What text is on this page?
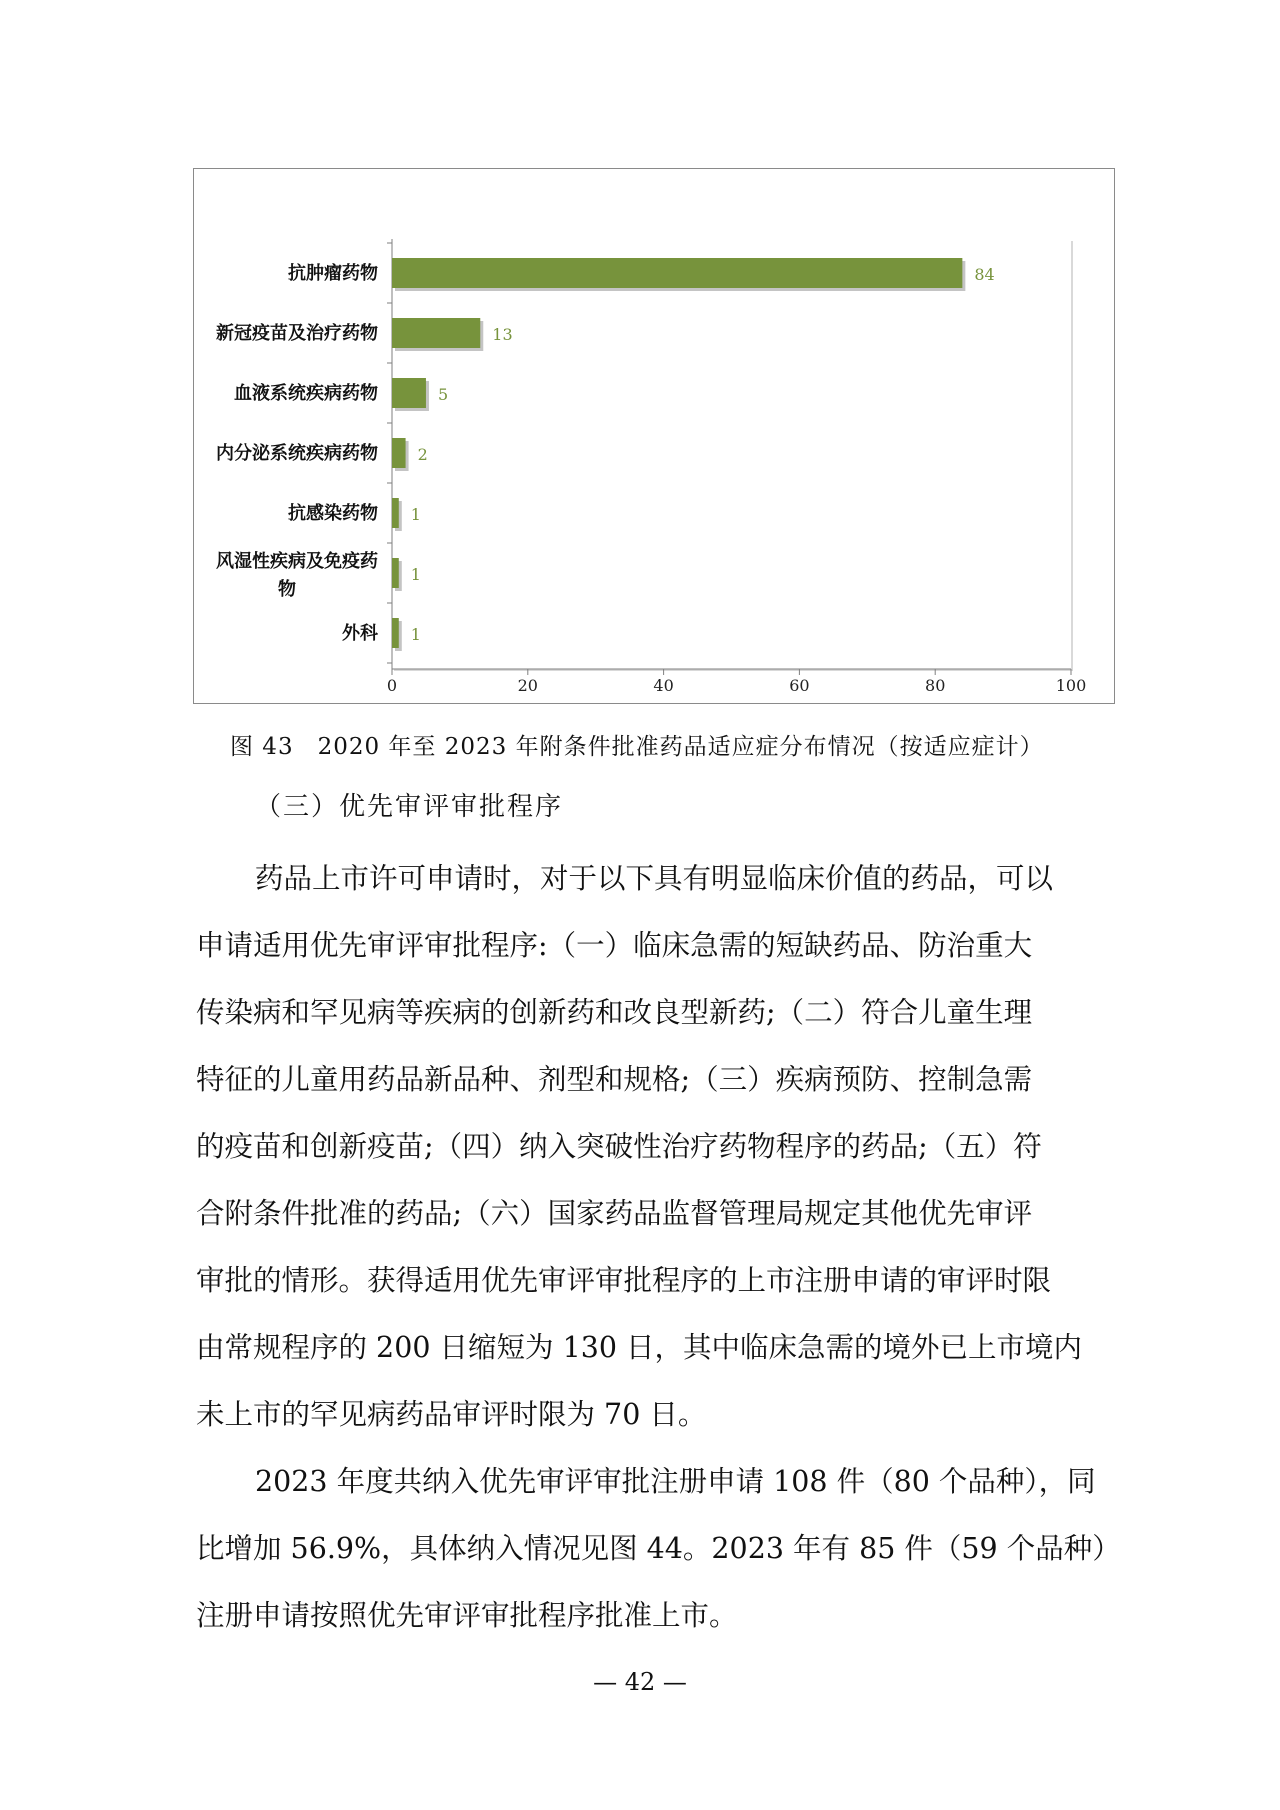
0	20	40	60	80	100
84
抗肿瘤药物
13
新冠疫苗及治疗药物
5
血液系统疾病药物
2
内分泌系统疾病药物
1
抗感染药物
1
风湿性疾病及免疫药
物
1
外科
图 43　2020 年至 2023 年附条件批准药品适应症分布情况（按适应症计）
（三）优先审评审批程序
药品上市许可申请时，对于以下具有明显临床价值的药品，可以
申请适用优先审评审批程序:（一）临床急需的短缺药品、防治重大
传染病和罕见病等疾病的创新药和改良型新药;（二）符合儿童生理
特征的儿童用药品新品种、剂型和规格;（三）疾病预防、控制急需
的疫苗和创新疫苗;（四）纳入突破性治疗药物程序的药品;（五）符
合附条件批准的药品;（六）国家药品监督管理局规定其他优先审评
审批的情形。获得适用优先审评审批程序的上市注册申请的审评时限
由常规程序的 200 日缩短为 130 日，其中临床急需的境外已上市境内
未上市的罕见病药品审评时限为 70 日。
2023 年度共纳入优先审评审批注册申请 108 件（80 个品种），同
比增加 56.9%，具体纳入情况见图 44。2023 年有 85 件（59 个品种）
注册申请按照优先审评审批程序批准上市。
— 42 —
